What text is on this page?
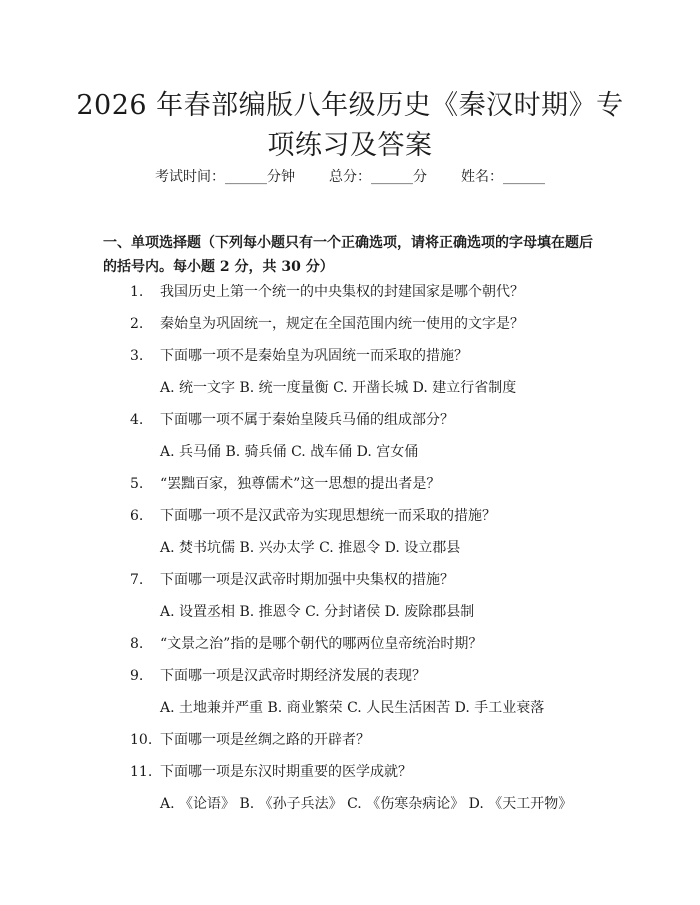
2026 年春部编版八年级历史《秦汉时期》专
项练习及答案
考试时间：______分钟 总分：______分 姓名：______
一、单项选择题（下列每小题只有一个正确选项，请将正确选项的字母填在题后
的括号内。每小题 2 分，共 30 分）
1.	我国历史上第一个统一的中央集权的封建国家是哪个朝代？
2.	秦始皇为巩固统一，规定在全国范围内统一使用的文字是？
3.	下面哪一项不是秦始皇为巩固统一而采取的措施？
A. 统一文字 B. 统一度量衡 C. 开凿长城 D. 建立行省制度
4.	下面哪一项不属于秦始皇陵兵马俑的组成部分？
A. 兵马俑 B. 骑兵俑 C. 战车俑 D. 宫女俑
5.	“罢黜百家，独尊儒术”这一思想的提出者是？
6.	下面哪一项不是汉武帝为实现思想统一而采取的措施？
A. 焚书坑儒 B. 兴办太学 C. 推恩令 D. 设立郡县
7.	下面哪一项是汉武帝时期加强中央集权的措施？
A. 设置丞相 B. 推恩令 C. 分封诸侯 D. 废除郡县制
8.	“文景之治”指的是哪个朝代的哪两位皇帝统治时期？
9.	下面哪一项是汉武帝时期经济发展的表现？
A. 土地兼并严重 B. 商业繁荣 C. 人民生活困苦 D. 手工业衰落
10. 下面哪一项是丝绸之路的开辟者？
11. 下面哪一项是东汉时期重要的医学成就？
A. 《论语》 B. 《孙子兵法》 C. 《伤寒杂病论》 D. 《天工开物》
